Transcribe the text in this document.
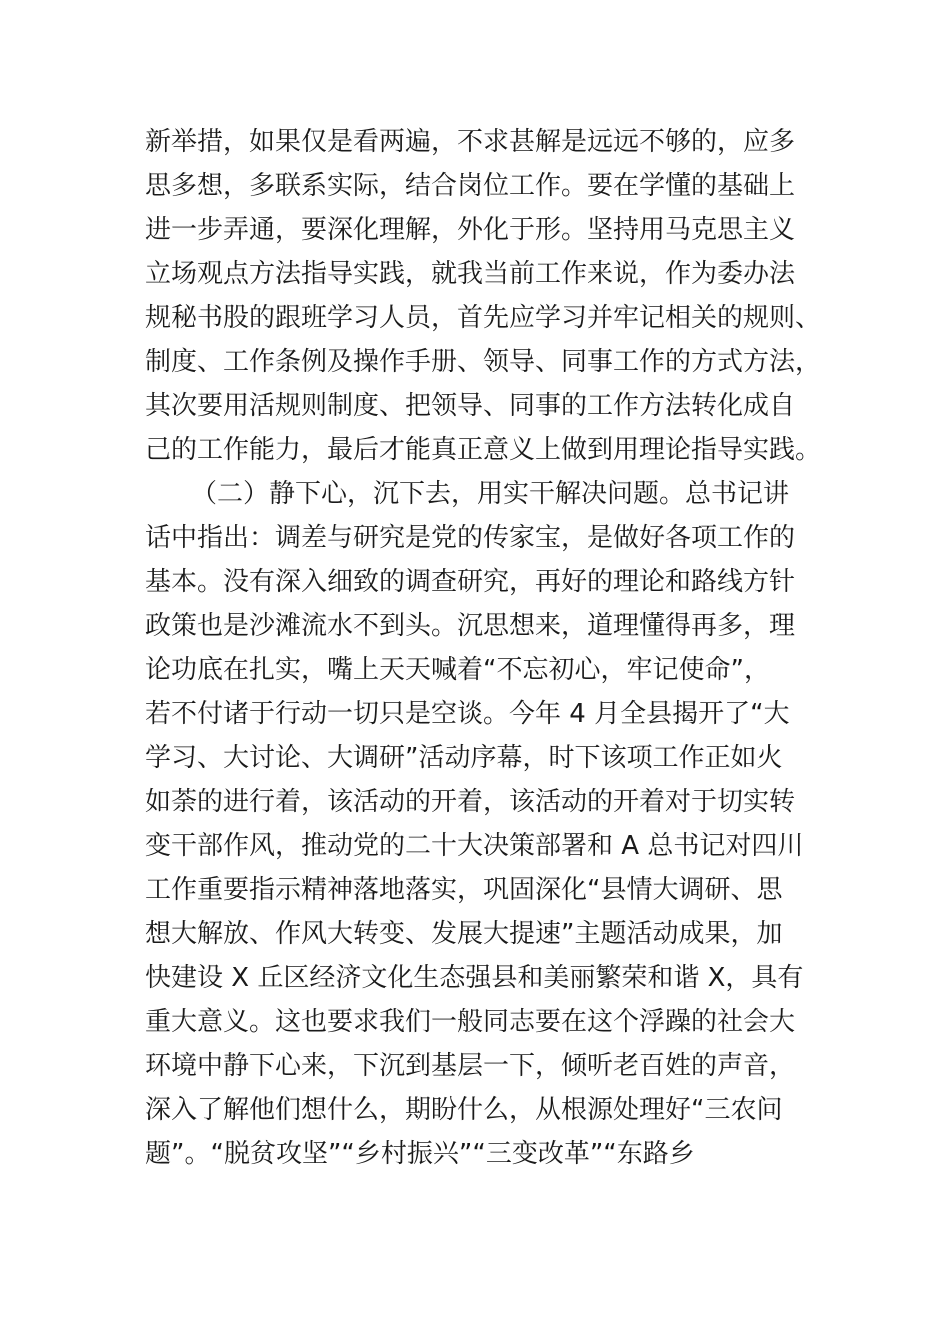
新举措，如果仅是看两遍，不求甚解是远远不够的，应多
思多想，多联系实际，结合岗位工作。要在学懂的基础上
进一步弄通，要深化理解，外化于形。坚持用马克思主义
立场观点方法指导实践，就我当前工作来说，作为委办法
规秘书股的跟班学习人员，首先应学习并牢记相关的规则、
制度、工作条例及操作手册、领导、同事工作的方式方法，
其次要用活规则制度、把领导、同事的工作方法转化成自
己的工作能力，最后才能真正意义上做到用理论指导实践。
（二）静下心，沉下去，用实干解决问题。总书记讲
话中指出：调差与研究是党的传家宝，是做好各项工作的
基本。没有深入细致的调查研究，再好的理论和路线方针
政策也是沙滩流水不到头。沉思想来，道理懂得再多，理
论功底在扎实，嘴上天天喊着“不忘初心，牢记使命”，
若不付诸于行动一切只是空谈。今年 4 月全县揭开了“大
学习、大讨论、大调研”活动序幕，时下该项工作正如火
如荼的进行着，该活动的开着，该活动的开着对于切实转
变干部作风，推动党的二十大决策部署和 A 总书记对四川
工作重要指示精神落地落实，巩固深化“县情大调研、思
想大解放、作风大转变、发展大提速”主题活动成果，加
快建设 X 丘区经济文化生态强县和美丽繁荣和谐 X，具有
重大意义。这也要求我们一般同志要在这个浮躁的社会大
环境中静下心来，下沉到基层一下，倾听老百姓的声音，
深入了解他们想什么，期盼什么，从根源处理好“三农问
题”。“脱贫攻坚”“乡村振兴”“三变改革”“东路乡
